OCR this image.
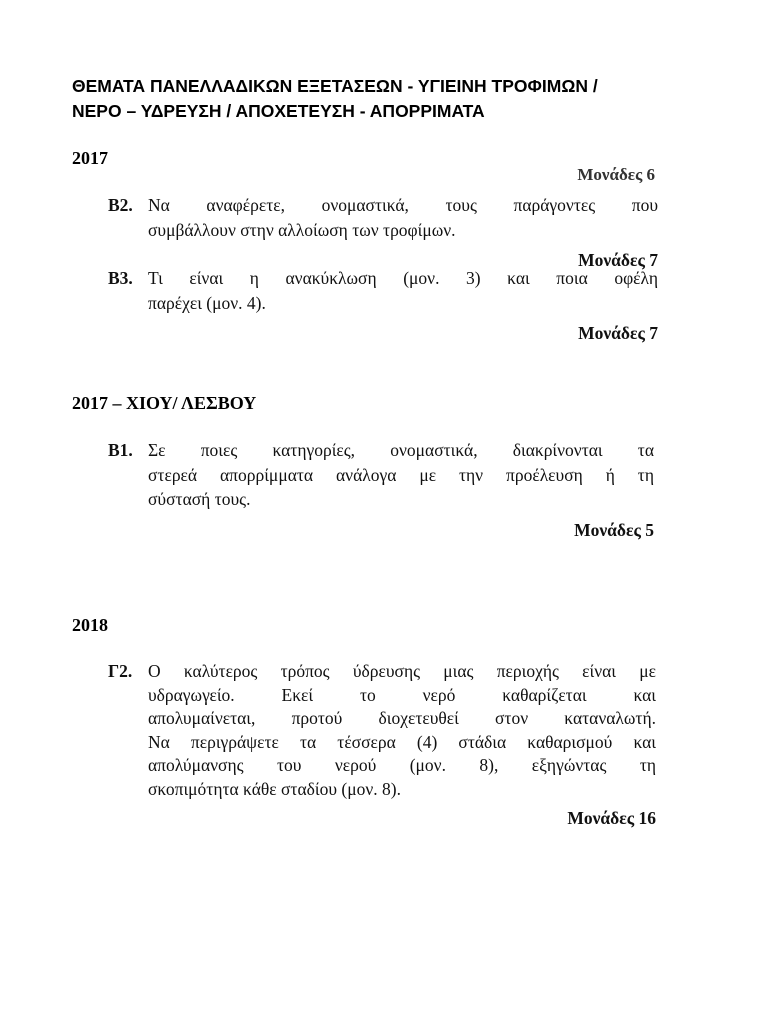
ΘΕΜΑΤΑ ΠΑΝΕΛΛΑΔΙΚΩΝ ΕΞΕΤΑΣΕΩΝ - ΥΓΙΕΙΝΗ ΤΡΟΦΙΜΩΝ /
ΝΕΡΟ – ΥΔΡΕΥΣΗ / ΑΠΟΧΕΤΕΥΣΗ - ΑΠΟΡΡΙΜΑΤΑ
2017
Μονάδες 6
Β2. Να αναφέρετε, ονομαστικά, τους παράγοντες που
συμβάλλουν στην αλλοίωση των τροφίμων.
Μονάδες 7
Β3. Τι είναι η ανακύκλωση (μον. 3) και ποια οφέλη
παρέχει (μον. 4).
Μονάδες 7
2017 – ΧΙΟΥ/ ΛΕΣΒΟΥ
Β1. Σε ποιες κατηγορίες, ονομαστικά, διακρίνονται τα
στερεά απορρίμματα ανάλογα με την προέλευση ή τη
σύστασή τους.
Μονάδες 5
2018
Γ2. Ο καλύτερος τρόπος ύδρευσης μιας περιοχής είναι με
υδραγωγείο. Εκεί το νερό καθαρίζεται και
απολυμαίνεται, προτού διοχετευθεί στον καταναλωτή.
Να περιγράψετε τα τέσσερα (4) στάδια καθαρισμού και
απολύμανσης του νερού (μον. 8), εξηγώντας τη
σκοπιμότητα κάθε σταδίου (μον. 8).
Μονάδες 16
